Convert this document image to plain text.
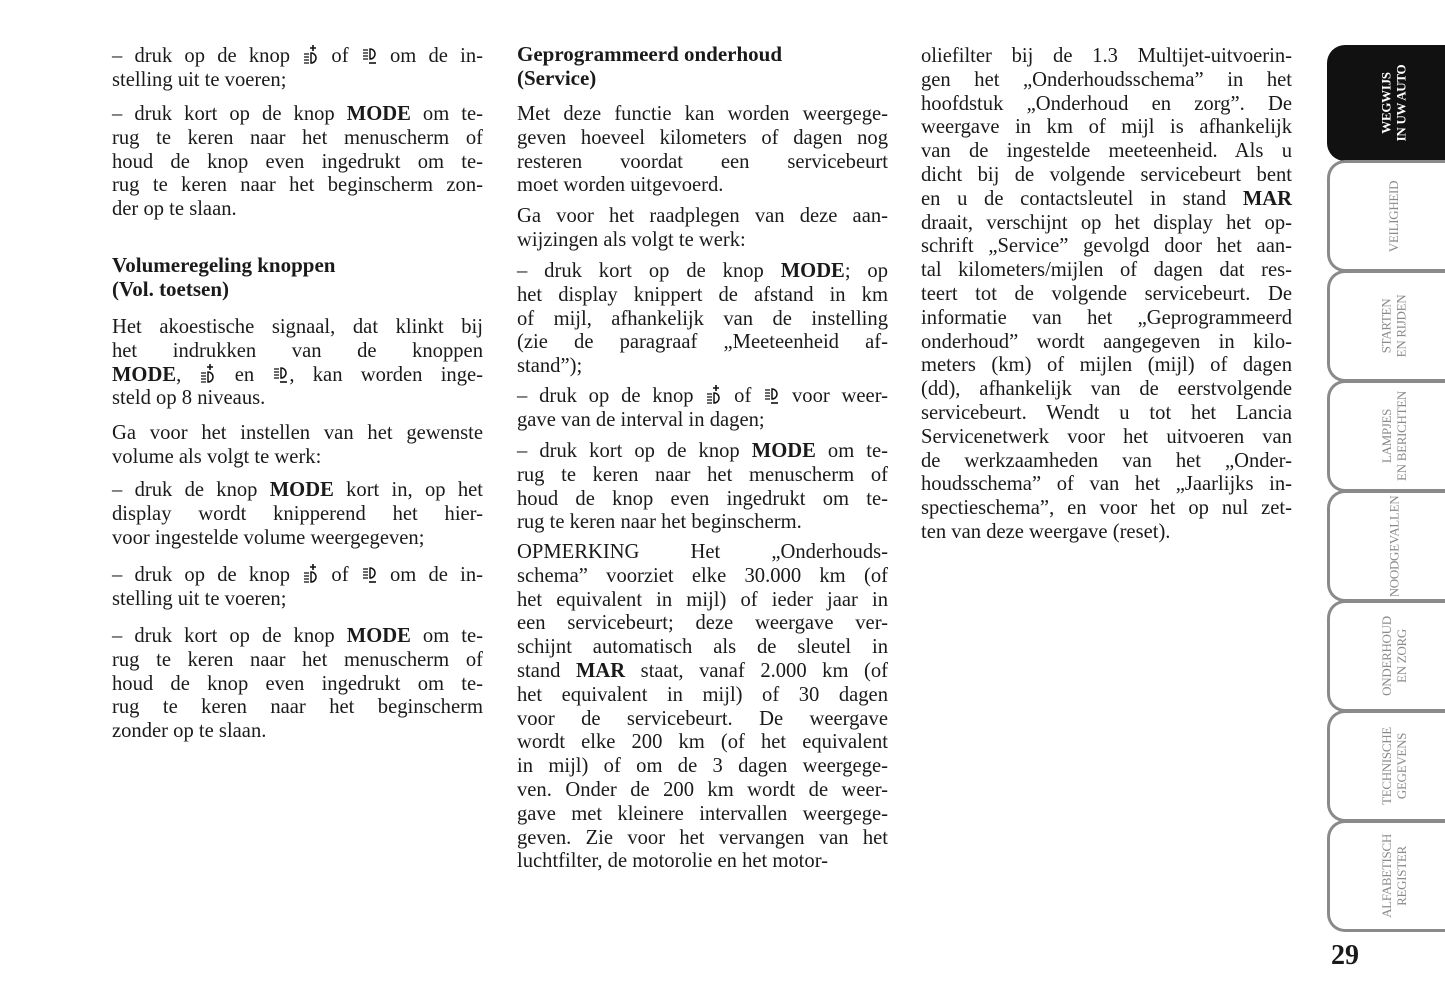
– druk op de knop  of  om de in-
stelling uit te voeren;
– druk kort op de knop MODE om te-
rug te keren naar het menuscherm of
houd de knop even ingedrukt om te-
rug te keren naar het beginscherm zon-
der op te slaan.
Volumeregeling knoppen
(Vol. toetsen)
Het akoestische signaal, dat klinkt bij
het indrukken van de knoppen
MODE,  en , kan worden inge-
steld op 8 niveaus.
Ga voor het instellen van het gewenste
volume als volgt te werk:
– druk de knop MODE kort in, op het
display wordt knipperend het hier-
voor ingestelde volume weergegeven;
– druk op de knop  of  om de in-
stelling uit te voeren;
– druk kort op de knop MODE om te-
rug te keren naar het menuscherm of
houd de knop even ingedrukt om te-
rug te keren naar het beginscherm
zonder op te slaan.
Geprogrammeerd onderhoud
(Service)
Met deze functie kan worden weergege-
geven hoeveel kilometers of dagen nog
resteren voordat een servicebeurt
moet worden uitgevoerd.
Ga voor het raadplegen van deze aan-
wijzingen als volgt te werk:
– druk kort op de knop MODE; op
het display knippert de afstand in km
of mijl, afhankelijk van de instelling
(zie de paragraaf „Meeteenheid af-
stand”);
– druk op de knop  of  voor weer-
gave van de interval in dagen;
– druk kort op de knop MODE om te-
rug te keren naar het menuscherm of
houd de knop even ingedrukt om te-
rug te keren naar het beginscherm.
OPMERKING Het „Onderhouds-
schema” voorziet elke 30.000 km (of
het equivalent in mijl) of ieder jaar in
een servicebeurt; deze weergave ver-
schijnt automatisch als de sleutel in
stand MAR staat, vanaf 2.000 km (of
het equivalent in mijl) of 30 dagen
voor de servicebeurt. De weergave
wordt elke 200 km (of het equivalent
in mijl) of om de 3 dagen weergege-
ven. Onder de 200 km wordt de weer-
gave met kleinere intervallen weergege-
geven. Zie voor het vervangen van het
luchtfilter, de motorolie en het motor-
oliefilter bij de 1.3 Multijet-uitvoerin-
gen het „Onderhoudsschema” in het
hoofdstuk „Onderhoud en zorg”. De
weergave in km of mijl is afhankelijk
van de ingestelde meeteenheid. Als u
dicht bij de volgende servicebeurt bent
en u de contactsleutel in stand MAR
draait, verschijnt op het display het op-
schrift „Service” gevolgd door het aan-
tal kilometers/mijlen of dagen dat res-
teert tot de volgende servicebeurt. De
informatie van het „Geprogrammeerd
onderhoud” wordt aangegeven in kilo-
meters (km) of mijlen (mijl) of dagen
(dd), afhankelijk van de eerstvolgende
servicebeurt. Wendt u tot het Lancia
Servicenetwerk voor het uitvoeren van
de werkzaamheden van het „Onder-
houdsschema” of van het „Jaarlijks in-
spectieschema”, en voor het op nul zet-
ten van deze weergave (reset).
WEGWIJS IN UW AUTO
VEILIGHEID
STARTEN EN RIJDEN
LAMPJES EN BERICHTEN
NOODGEVALLEN
ONDERHOUD EN ZORG
TECHNISCHE GEGEVENS
ALFABETISCH REGISTER
29
